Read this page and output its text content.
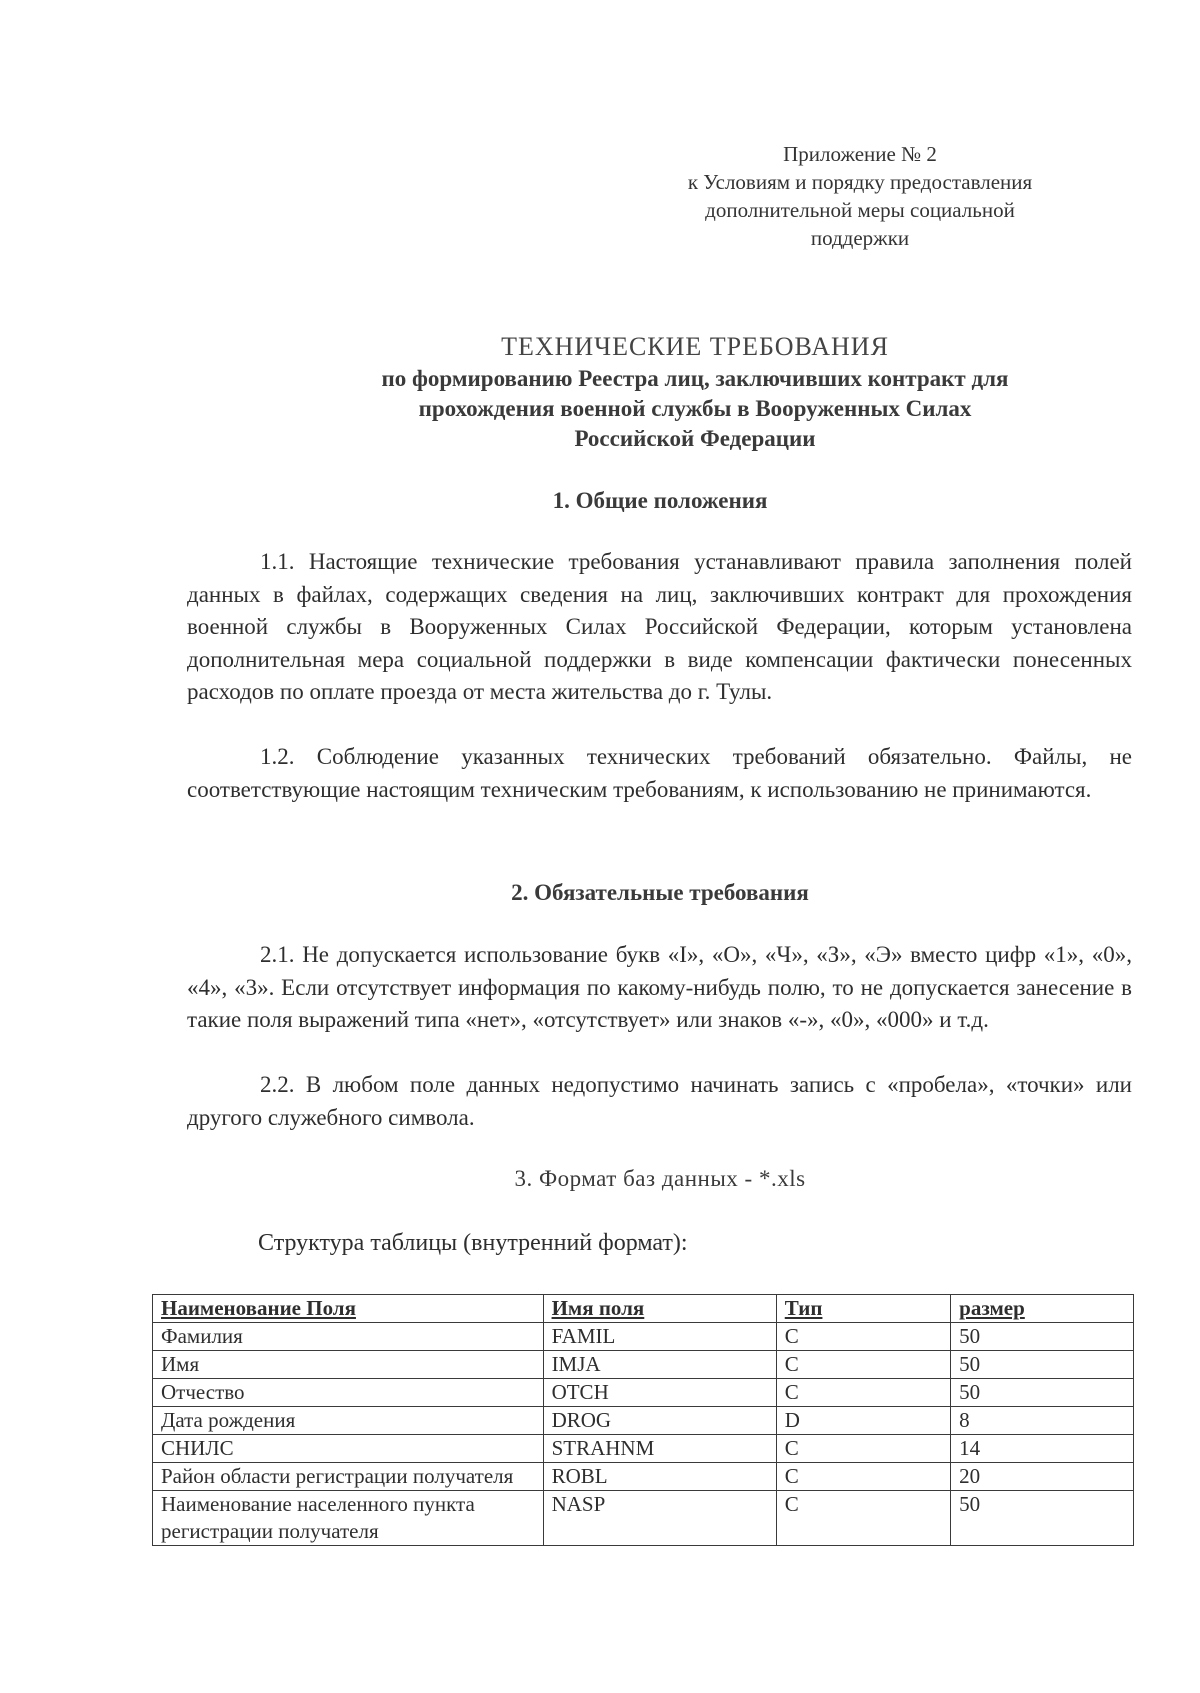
Приложение № 2
к Условиям и порядку предоставления
дополнительной меры социальной
поддержки
ТЕХНИЧЕСКИЕ ТРЕБОВАНИЯ
по формированию Реестра лиц, заключивших контракт для
прохождения военной службы в Вооруженных Силах
Российской Федерации
1. Общие положения
1.1. Настоящие технические требования устанавливают правила заполнения полей данных в файлах, содержащих сведения на лиц, заключивших контракт для прохождения военной службы в Вооруженных Силах Российской Федерации, которым установлена дополнительная мера социальной поддержки в виде компенсации фактически понесенных расходов по оплате проезда от места жительства до г. Тулы.
1.2. Соблюдение указанных технических требований обязательно. Файлы, не соответствующие настоящим техническим требованиям, к использованию не принимаются.
2. Обязательные требования
2.1. Не допускается использование букв «I», «О», «Ч», «З», «Э» вместо цифр «1», «0», «4», «3». Если отсутствует информация по какому-нибудь полю, то не допускается занесение в такие поля выражений типа «нет», «отсутствует» или знаков «-», «0», «000» и т.д.
2.2. В любом поле данных недопустимо начинать запись с «пробела», «точки» или другого служебного символа.
3. Формат баз данных - *.xls
Структура таблицы (внутренний формат):
Наименование Поля	Имя поля	Тип	размер
Фамилия	FAMIL	C	50
Имя	IMJA	C	50
Отчество	OTCH	C	50
Дата рождения	DROG	D	8
СНИЛС	STRAHNM	C	14
Район области регистрации получателя	ROBL	C	20
Наименование населенного пункта регистрации получателя	NASP	C	50
